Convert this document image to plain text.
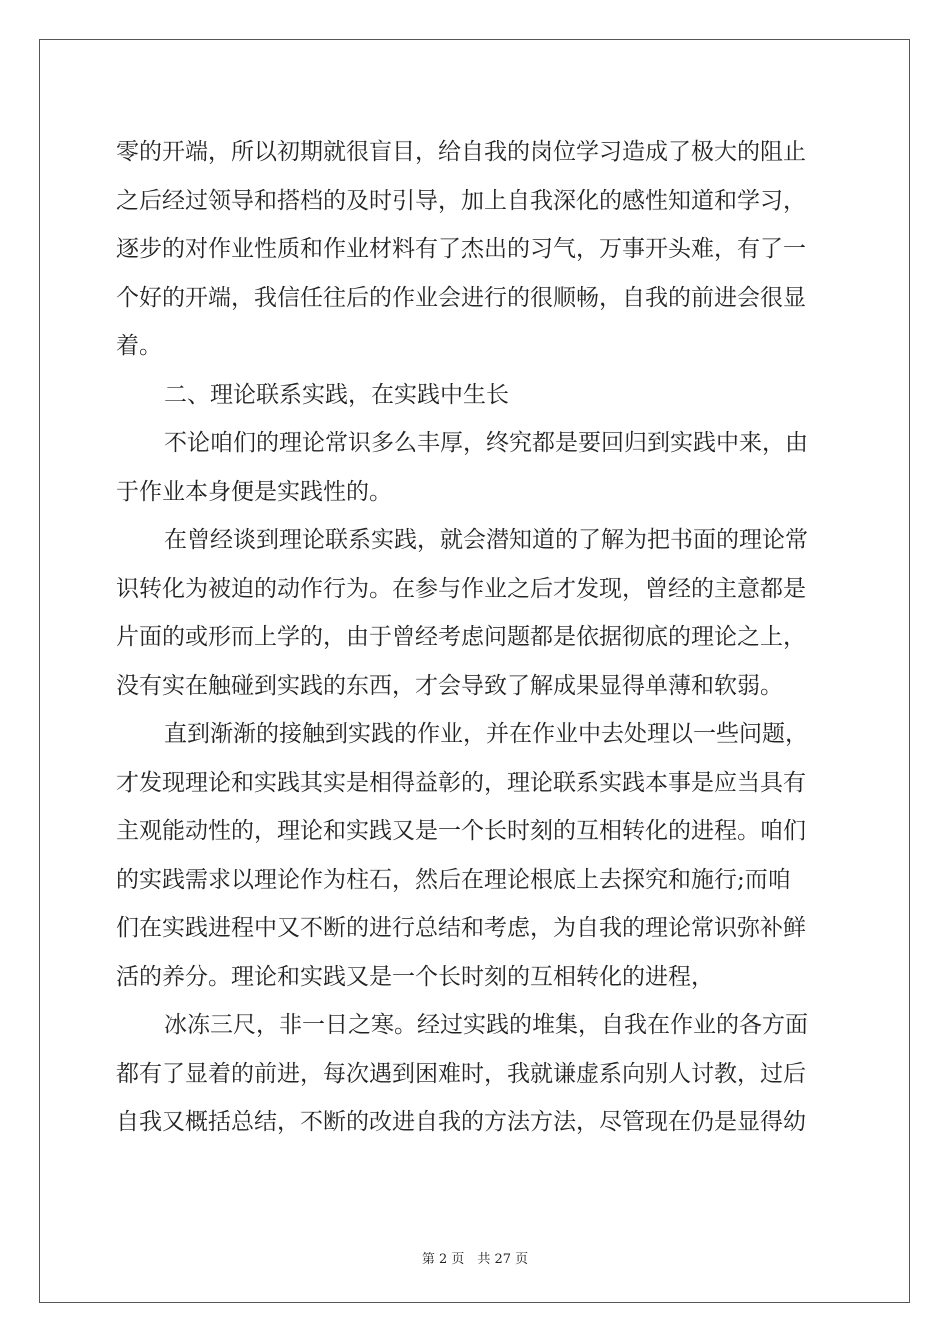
零的开端，所以初期就很盲目，给自我的岗位学习造成了极大的阻止
之后经过领导和搭档的及时引导，加上自我深化的感性知道和学习，
逐步的对作业性质和作业材料有了杰出的习气，万事开头难，有了一
个好的开端，我信任往后的作业会进行的很顺畅，自我的前进会很显
着。
二、理论联系实践，在实践中生长
不论咱们的理论常识多么丰厚，终究都是要回归到实践中来，由
于作业本身便是实践性的。
在曾经谈到理论联系实践，就会潜知道的了解为把书面的理论常
识转化为被迫的动作行为。在参与作业之后才发现，曾经的主意都是
片面的或形而上学的，由于曾经考虑问题都是依据彻底的理论之上，
没有实在触碰到实践的东西，才会导致了解成果显得单薄和软弱。
直到渐渐的接触到实践的作业，并在作业中去处理以一些问题，
才发现理论和实践其实是相得益彰的，理论联系实践本事是应当具有
主观能动性的，理论和实践又是一个长时刻的互相转化的进程。咱们
的实践需求以理论作为柱石，然后在理论根底上去探究和施行;而咱
们在实践进程中又不断的进行总结和考虑，为自我的理论常识弥补鲜
活的养分。理论和实践又是一个长时刻的互相转化的进程，
冰冻三尺，非一日之寒。经过实践的堆集，自我在作业的各方面
都有了显着的前进，每次遇到困难时，我就谦虚系向别人讨教，过后
自我又概括总结，不断的改进自我的方法方法，尽管现在仍是显得幼
第 2 页　共 27 页
